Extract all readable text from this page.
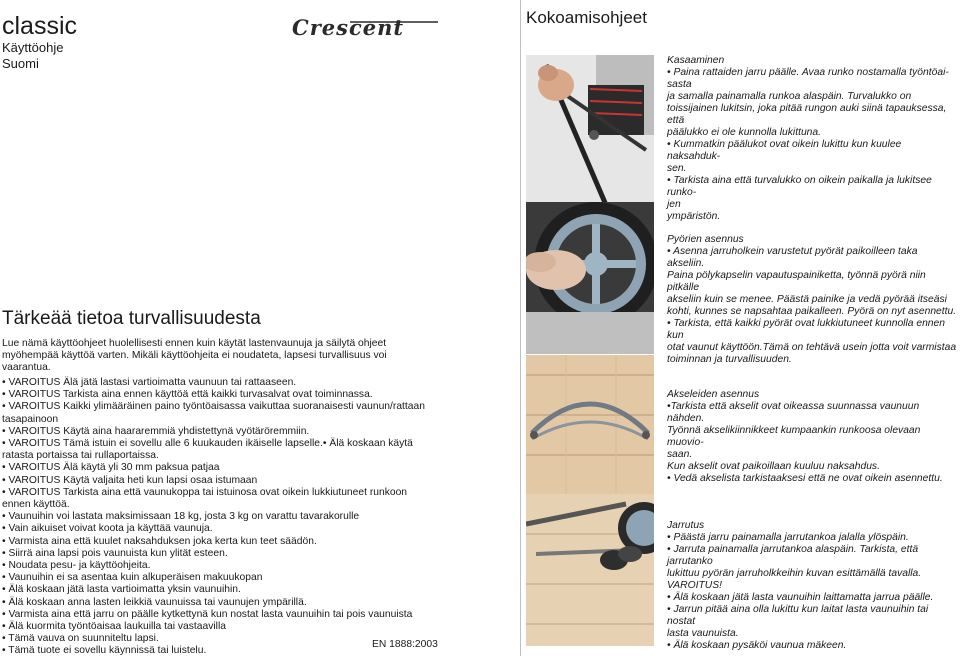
classic
Käyttöohje
Suomi
Crescent
Tärkeää tietoa turvallisuudesta
Lue nämä käyttöohjeet huolellisesti ennen kuin käytät lastenvaunuja ja säilytä ohjeet myöhempää käyttöä varten. Mikäli käyttöohjeita ei noudateta, lapsesi turvallisuus voi vaarantua.
• VAROITUS Älä jätä lastasi vartioimatta vaunuun tai rattaaseen.
• VAROITUS Tarkista aina ennen käyttöä että kaikki turvasalvat ovat toiminnassa.
• VAROITUS Kaikki ylimääräinen paino työntöaisassa vaikuttaa suoranaisesti vaunun/rattaan tasapainoon
• VAROITUS Käytä aina haararemmiä yhdistettynä vyötäröremmiin.
• VAROITUS Tämä istuin ei sovellu alle 6 kuukauden ikäiselle lapselle.• Älä koskaan käytä ratasta portaissa tai rullaportaissa.
• VAROITUS Älä käytä yli 30 mm paksua patjaa
• VAROITUS Käytä valjaita heti kun lapsi osaa istumaan
• VAROITUS Tarkista aina että vaunukoppa tai istuinosa ovat oikein lukkiutuneet runkoon ennen käyttöä.
• Vaunuihin voi lastata maksimissaan 18 kg, josta 3 kg on varattu tavarakorulle
• Vain aikuiset voivat koota ja käyttää vaunuja.
• Varmista aina että kuulet naksahduksen joka kerta kun teet säädön.
• Siirrä aina lapsi pois vaunuista kun ylität esteen.
• Noudata pesu- ja käyttöohjeita.
• Vaunuihin ei sa asentaa kuin alkuperäisen makuukopan
• Älä koskaan jätä lasta vartioimatta yksin vaunuihin.
• Älä koskaan anna lasten leikkiä vaunuissa tai vaunujen ympärillä.
• Varmista aina että jarru on päälle kytkettynä kun nostat lasta vaunuihin tai pois vaunuista
• Älä kuormita työntöaisaa laukuilla tai vastaavilla
• Tämä vauva on suunniteltu lapsi.
• Tämä tuote ei sovellu käynnissä tai luistelu.
EN 1888:2003
Kokoamisohjeet

Kasaaminen

• Paina rattaiden jarru päälle. Avaa runko nostamalla työntöai-

sasta

ja samalla painamalla runkoa alaspäin. Turvalukko on

toissijainen lukitsin, joka pitää rungon auki siinä tapauksessa, että

päälukko ei ole kunnolla lukittuna.

• Kummatkin päälukot ovat oikein lukittu kun kuulee naksahduk-

sen.

• Tarkista aina että turvalukko on oikein paikalla ja lukitsee runko-

jen

ympäristön.

Pyörien asennus

• Asenna jarruholkein varustetut pyörät paikoilleen taka akseliin.

Paina pölykapselin vapautuspainiketta, työnnä pyörä niin pitkälle

akseliin kuin se menee. Päästä painike ja vedä pyörää itseäsi

kohti, kunnes se napsahtaa paikalleen. Pyörä on nyt asennettu.

• Tarkista, että kaikki pyörät ovat lukkiutuneet kunnolla ennen kun

otat vaunut käyttöön.Tämä on tehtävä usein jotta voit varmistaa

toiminnan ja turvallisuuden.

Akseleiden asennus

•Tarkista että akselit ovat oikeassa suunnassa vaunuun nähden.

Työnnä akselikiinnikkeet kumpaankin runkoosa olevaan muovio-

saan.

Kun akselit ovat paikoillaan kuuluu naksahdus.

• Vedä akselista tarkistaaksesi että ne ovat oikein asennettu.

Jarrutus

• Päästä jarru painamalla jarrutankoa jalalla ylöspäin.

• Jarruta painamalla jarrutankoa alaspäin. Tarkista, että jarrutanko

lukittuu pyörän jarruholkkeihin kuvan esittämällä tavalla.

VAROITUS!

• Älä koskaan jätä lasta vaunuihin laittamatta jarrua päälle.

• Jarrun pitää aina olla lukittu kun laitat lasta vaunuihin tai nostat

lasta vaunuista.

• Älä koskaan pysäköi vaunua mäkeen.
